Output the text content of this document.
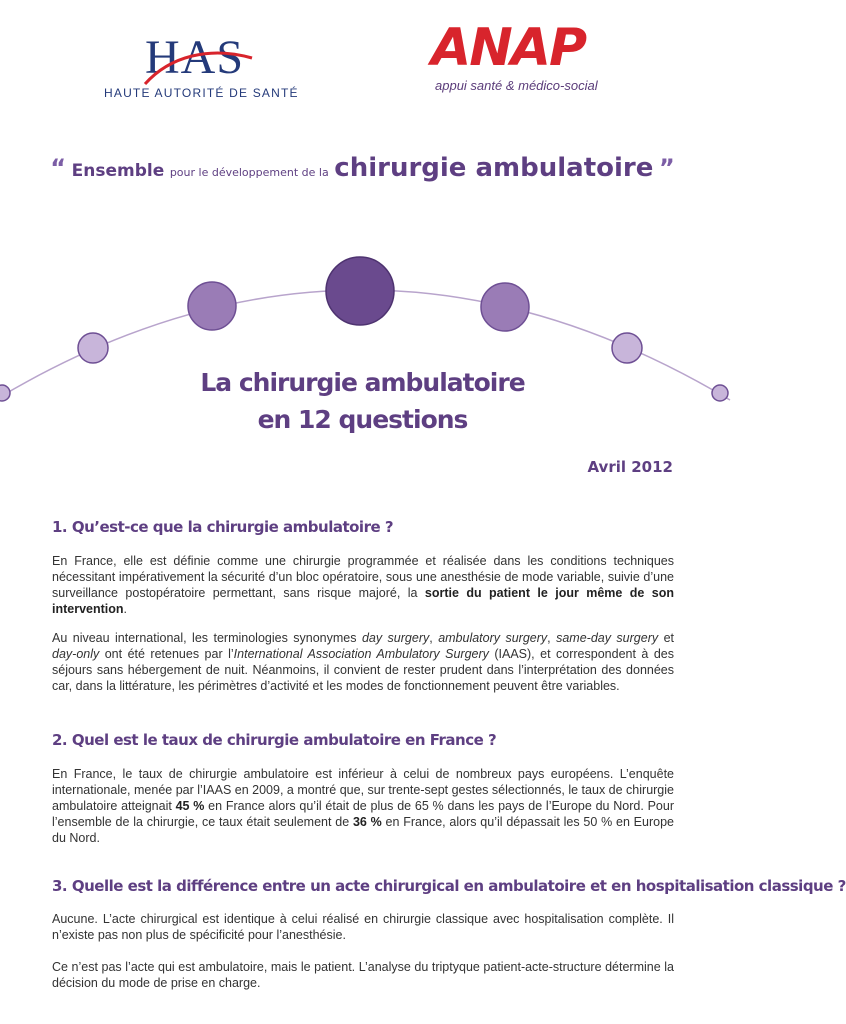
HAS
HAUTE AUTORITÉ DE SANTÉ
ANAP
appui santé & médico-social
“ Ensemble pour le développement de la chirurgie ambulatoire ”
La chirurgie ambulatoire
en 12 questions
Avril 2012
1. Qu’est-ce que la chirurgie ambulatoire ?

En France, elle est définie comme une chirurgie programmée et réalisée dans les conditions techniques nécessitant impérativement la sécurité d’un bloc opératoire, sous une anesthésie de mode variable, suivie d’une surveillance postopératoire permettant, sans risque majoré, la sortie du patient le jour même de son intervention.

Au niveau international, les terminologies synonymes day surgery, ambulatory surgery, same-day surgery et day-only ont été retenues par l’International Association Ambulatory Surgery (IAAS), et correspondent à des séjours sans hébergement de nuit. Néanmoins, il convient de rester prudent dans l’interprétation des données car, dans la littérature, les périmètres d’activité et les modes de fonctionnement peuvent être variables.

2. Quel est le taux de chirurgie ambulatoire en France ?

En France, le taux de chirurgie ambulatoire est inférieur à celui de nombreux pays européens. L’enquête internationale, menée par l’IAAS en 2009, a montré que, sur trente-sept gestes sélectionnés, le taux de chirurgie ambulatoire atteignait 45 % en France alors qu’il était de plus de 65 % dans les pays de l’Europe du Nord. Pour l’ensemble de la chirurgie, ce taux était seulement de 36 % en France, alors qu’il dépassait les 50 % en Europe du Nord.

3. Quelle est la différence entre un acte chirurgical en ambulatoire et en hospitalisation classique ?

Aucune. L’acte chirurgical est identique à celui réalisé en chirurgie classique avec hospitalisation complète. Il n’existe pas non plus de spécificité pour l’anesthésie.

Ce n’est pas l’acte qui est ambulatoire, mais le patient. L’analyse du triptyque patient-acte-structure détermine la décision du mode de prise en charge.
